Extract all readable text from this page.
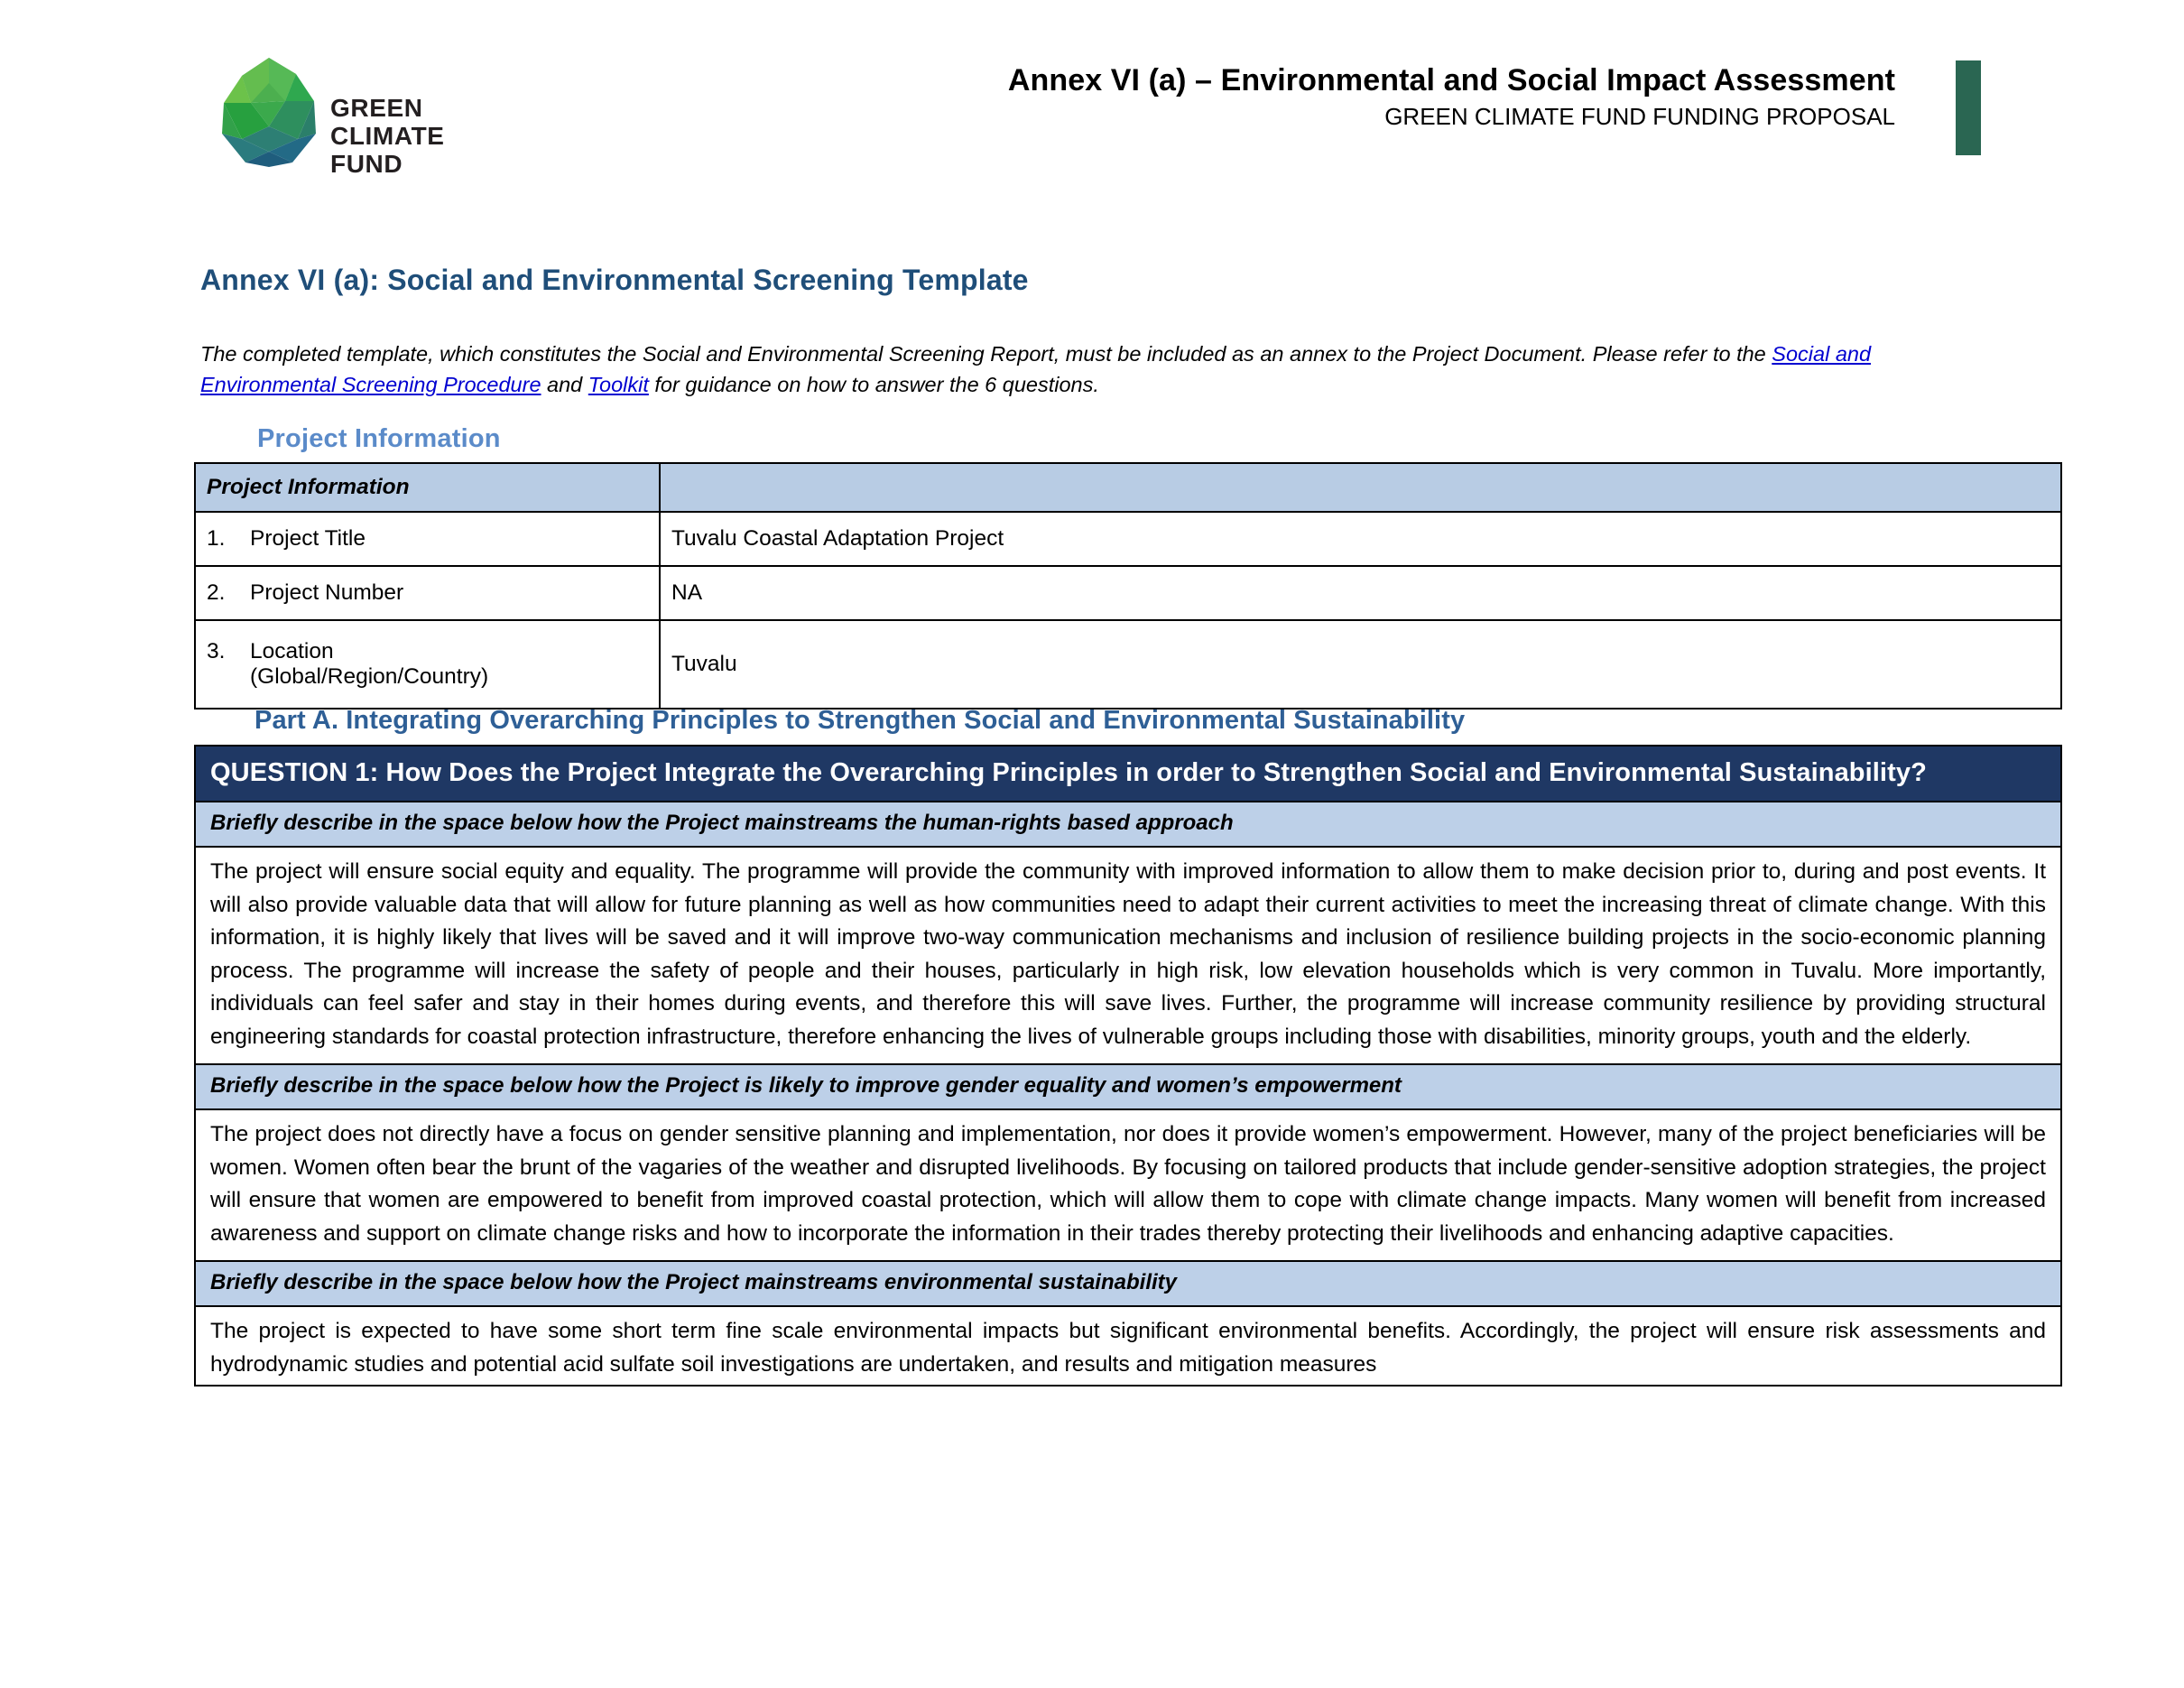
GREEN
CLIMATE
FUND
Annex VI (a) – Environmental and Social Impact Assessment
GREEN CLIMATE FUND FUNDING PROPOSAL
Annex VI (a): Social and Environmental Screening Template
The completed template, which constitutes the Social and Environmental Screening Report, must be included as an annex to the Project Document. Please refer to the Social and Environmental Screening Procedure and Toolkit for guidance on how to answer the 6 questions.
Project Information
Project Information	
1. Project Title	Tuvalu Coastal Adaptation Project
2. Project Number	NA
3. Location
(Global/Region/Country)	Tuvalu
Part A. Integrating Overarching Principles to Strengthen Social and Environmental Sustainability
QUESTION 1: How Does the Project Integrate the Overarching Principles in order to Strengthen Social and Environmental Sustainability?
Briefly describe in the space below how the Project mainstreams the human-rights based approach
The project will ensure social equity and equality. The programme will provide the community with improved information to allow them to make decision prior to, during and post events. It will also provide valuable data that will allow for future planning as well as how communities need to adapt their current activities to meet the increasing threat of climate change. With this information, it is highly likely that lives will be saved and it will improve two-way communication mechanisms and inclusion of resilience building projects in the socio-economic planning process. The programme will increase the safety of people and their houses, particularly in high risk, low elevation households which is very common in Tuvalu. More importantly, individuals can feel safer and stay in their homes during events, and therefore this will save lives. Further, the programme will increase community resilience by providing structural engineering standards for coastal protection infrastructure, therefore enhancing the lives of vulnerable groups including those with disabilities, minority groups, youth and the elderly.
Briefly describe in the space below how the Project is likely to improve gender equality and women’s empowerment
The project does not directly have a focus on gender sensitive planning and implementation, nor does it provide women’s empowerment. However, many of the project beneficiaries will be women. Women often bear the brunt of the vagaries of the weather and disrupted livelihoods. By focusing on tailored products that include gender-sensitive adoption strategies, the project will ensure that women are empowered to benefit from improved coastal protection, which will allow them to cope with climate change impacts. Many women will benefit from increased awareness and support on climate change risks and how to incorporate the information in their trades thereby protecting their livelihoods and enhancing adaptive capacities.
Briefly describe in the space below how the Project mainstreams environmental sustainability
The project is expected to have some short term fine scale environmental impacts but significant environmental benefits. Accordingly, the project will ensure risk assessments and hydrodynamic studies and potential acid sulfate soil investigations are undertaken, and results and mitigation measures
